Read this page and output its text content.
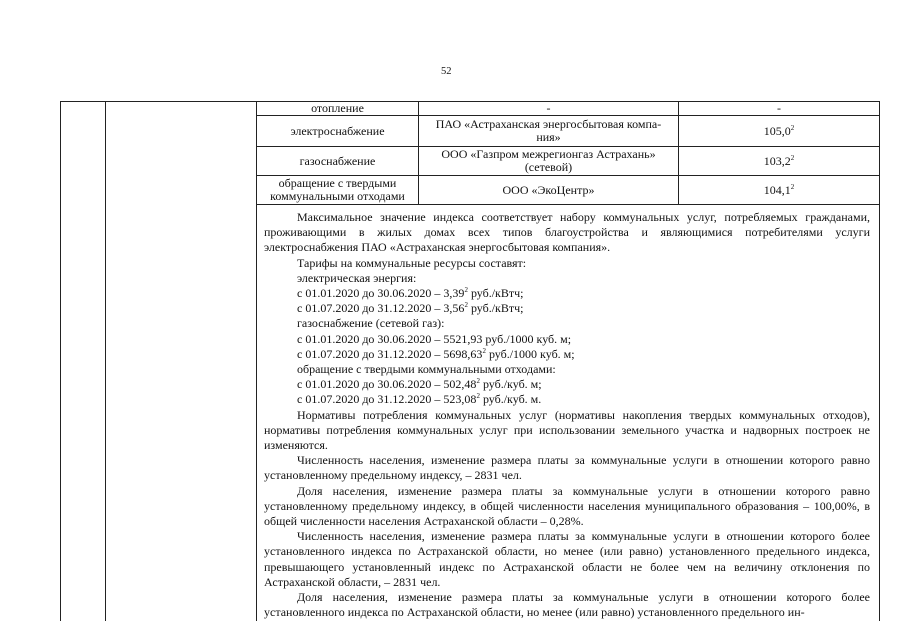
52
отопление	-	-
электроснабжение	ПАО «Астраханская энергосбытовая компа-ния»	105,0$^2$
газоснабжение	ООО «Газпром межрегионгаз Астрахань» (сетевой)	103,2$^2$
обращение с твердыми коммунальными отходами	ООО «ЭкоЦентр»	104,1$^2$

Максимальное значение индекса соответствует набору коммунальных услуг, потребляемых гражданами, проживающими в жилых домах всех типов благоустройства и являющимися потребителями услуги электроснабжения ПАО «Астраханская энергосбытовая компания».

Тарифы на коммунальные ресурсы составят:

электрическая энергия:

с 01.01.2020 до 30.06.2020 – 3,39$^2$ руб./кВтч;

с 01.07.2020 до 31.12.2020 – 3,56$^2$ руб./кВтч;

газоснабжение (сетевой газ):

с 01.01.2020 до 30.06.2020 – 5521,93 руб./1000 куб. м;

с 01.07.2020 до 31.12.2020 – 5698,63$^2$ руб./1000 куб. м;

обращение с твердыми коммунальными отходами:

с 01.01.2020 до 30.06.2020 – 502,48$^2$ руб./куб. м;

с 01.07.2020 до 31.12.2020 – 523,08$^2$ руб./куб. м.

Нормативы потребления коммунальных услуг (нормативы накопления твердых коммунальных отходов), нормативы потребления коммунальных услуг при использовании земельного участка и надворных построек не изменяются.

Численность населения, изменение размера платы за коммунальные услуги в отношении которого равно установленному предельному индексу, – 2831 чел.

Доля населения, изменение размера платы за коммунальные услуги в отношении которого равно установленному предельному индексу, в общей численности населения муниципального образования – 100,00%, в общей численности населения Астраханской области – 0,28%.

Численность населения, изменение размера платы за коммунальные услуги в отношении которого более установленного индекса по Астраханской области, но менее (или равно) установленного предельного индекса, превышающего установленный индекс по Астраханской области не более чем на величину отклонения по Астраханской области, – 2831 чел.

Доля населения, изменение размера платы за коммунальные услуги в отношении которого более установленного индекса по Астраханской области, но менее (или равно) установленного предельного ин-
